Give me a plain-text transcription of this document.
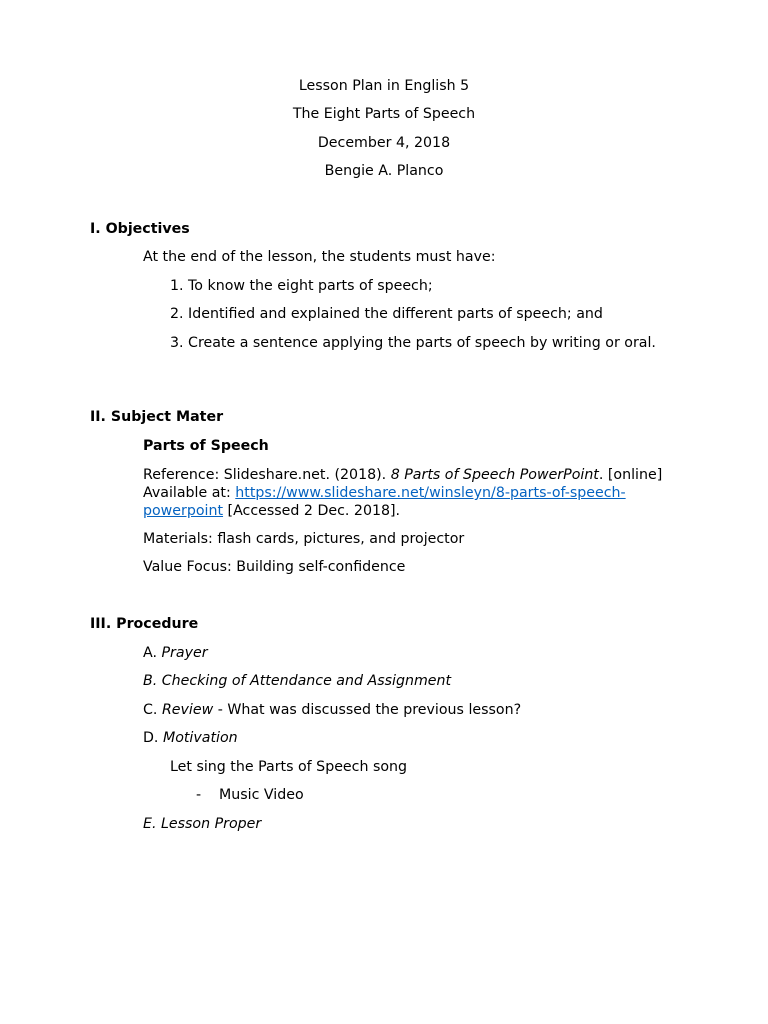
Lesson Plan in English 5
The Eight Parts of Speech
December 4, 2018
Bengie A. Planco
I. Objectives
At the end of the lesson, the students must have:
1. To know the eight parts of speech;
2. Identified and explained the different parts of speech; and
3. Create a sentence applying the parts of speech by writing or oral.
II. Subject Mater
Parts of Speech
Reference: Slideshare.net. (2018). 8 Parts of Speech PowerPoint. [online] Available at: https://www.slideshare.net/winsleyn/8-parts-of-speech-powerpoint [Accessed 2 Dec. 2018].
Materials: flash cards, pictures, and projector
Value Focus: Building self-confidence
III. Procedure
A. Prayer
B. Checking of Attendance and Assignment
C. Review - What was discussed the previous lesson?
D. Motivation
Let sing the Parts of Speech song
- Music Video
E. Lesson Proper
